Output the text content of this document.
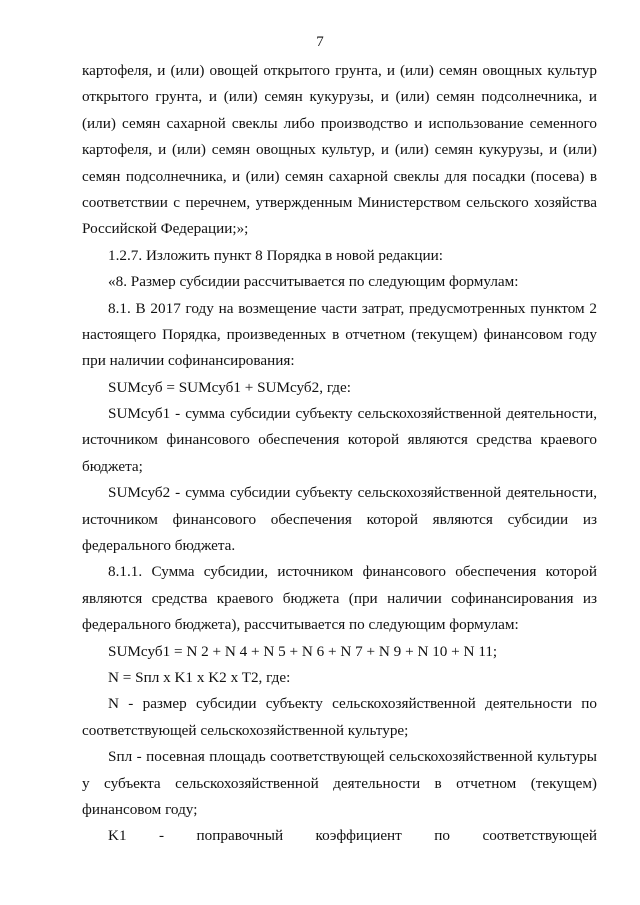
7

картофеля, и (или) овощей открытого грунта, и (или) семян овощных культур
открытого грунта, и (или) семян кукурузы, и (или) семян подсолнечника, и
(или) семян сахарной свеклы либо производство и использование семенного
картофеля, и (или) семян овощных культур, и (или) семян кукурузы, и (или)
семян подсолнечника, и (или) семян сахарной свеклы для посадки (посева) в
соответствии с перечнем, утвержденным Министерством сельского хозяйства
Российской Федерации;»;

1.2.7. Изложить пункт 8 Порядка в новой редакции:

«8. Размер субсидии рассчитывается по следующим формулам:

8.1. В 2017 году на возмещение части затрат, предусмотренных пунктом 2
настоящего Порядка, произведенных в отчетном (текущем) финансовом году
при наличии софинансирования:

SUMсуб = SUMсуб1 + SUMсуб2, где:

SUMсуб1 - сумма субсидии субъекту сельскохозяйственной деятельности,
источником финансового обеспечения которой являются средства краевого
бюджета;

SUMсуб2 - сумма субсидии субъекту сельскохозяйственной деятельности,
источником финансового обеспечения которой являются субсидии из
федерального бюджета.

8.1.1. Сумма субсидии, источником финансового обеспечения которой
являются средства краевого бюджета (при наличии софинансирования из
федерального бюджета), рассчитывается по следующим формулам:

SUMсуб1 = N 2 + N 4 + N 5 + N 6 + N 7 + N 9 + N 10 + N 11;

N = Sпл x K1 x K2 x T2, где:

N - размер субсидии субъекту сельскохозяйственной деятельности по
соответствующей сельскохозяйственной культуре;

Sпл - посевная площадь соответствующей сельскохозяйственной культуры
у субъекта сельскохозяйственной деятельности в отчетном (текущем)
финансовом году;

K1 - поправочный коэффициент по соответствующей
